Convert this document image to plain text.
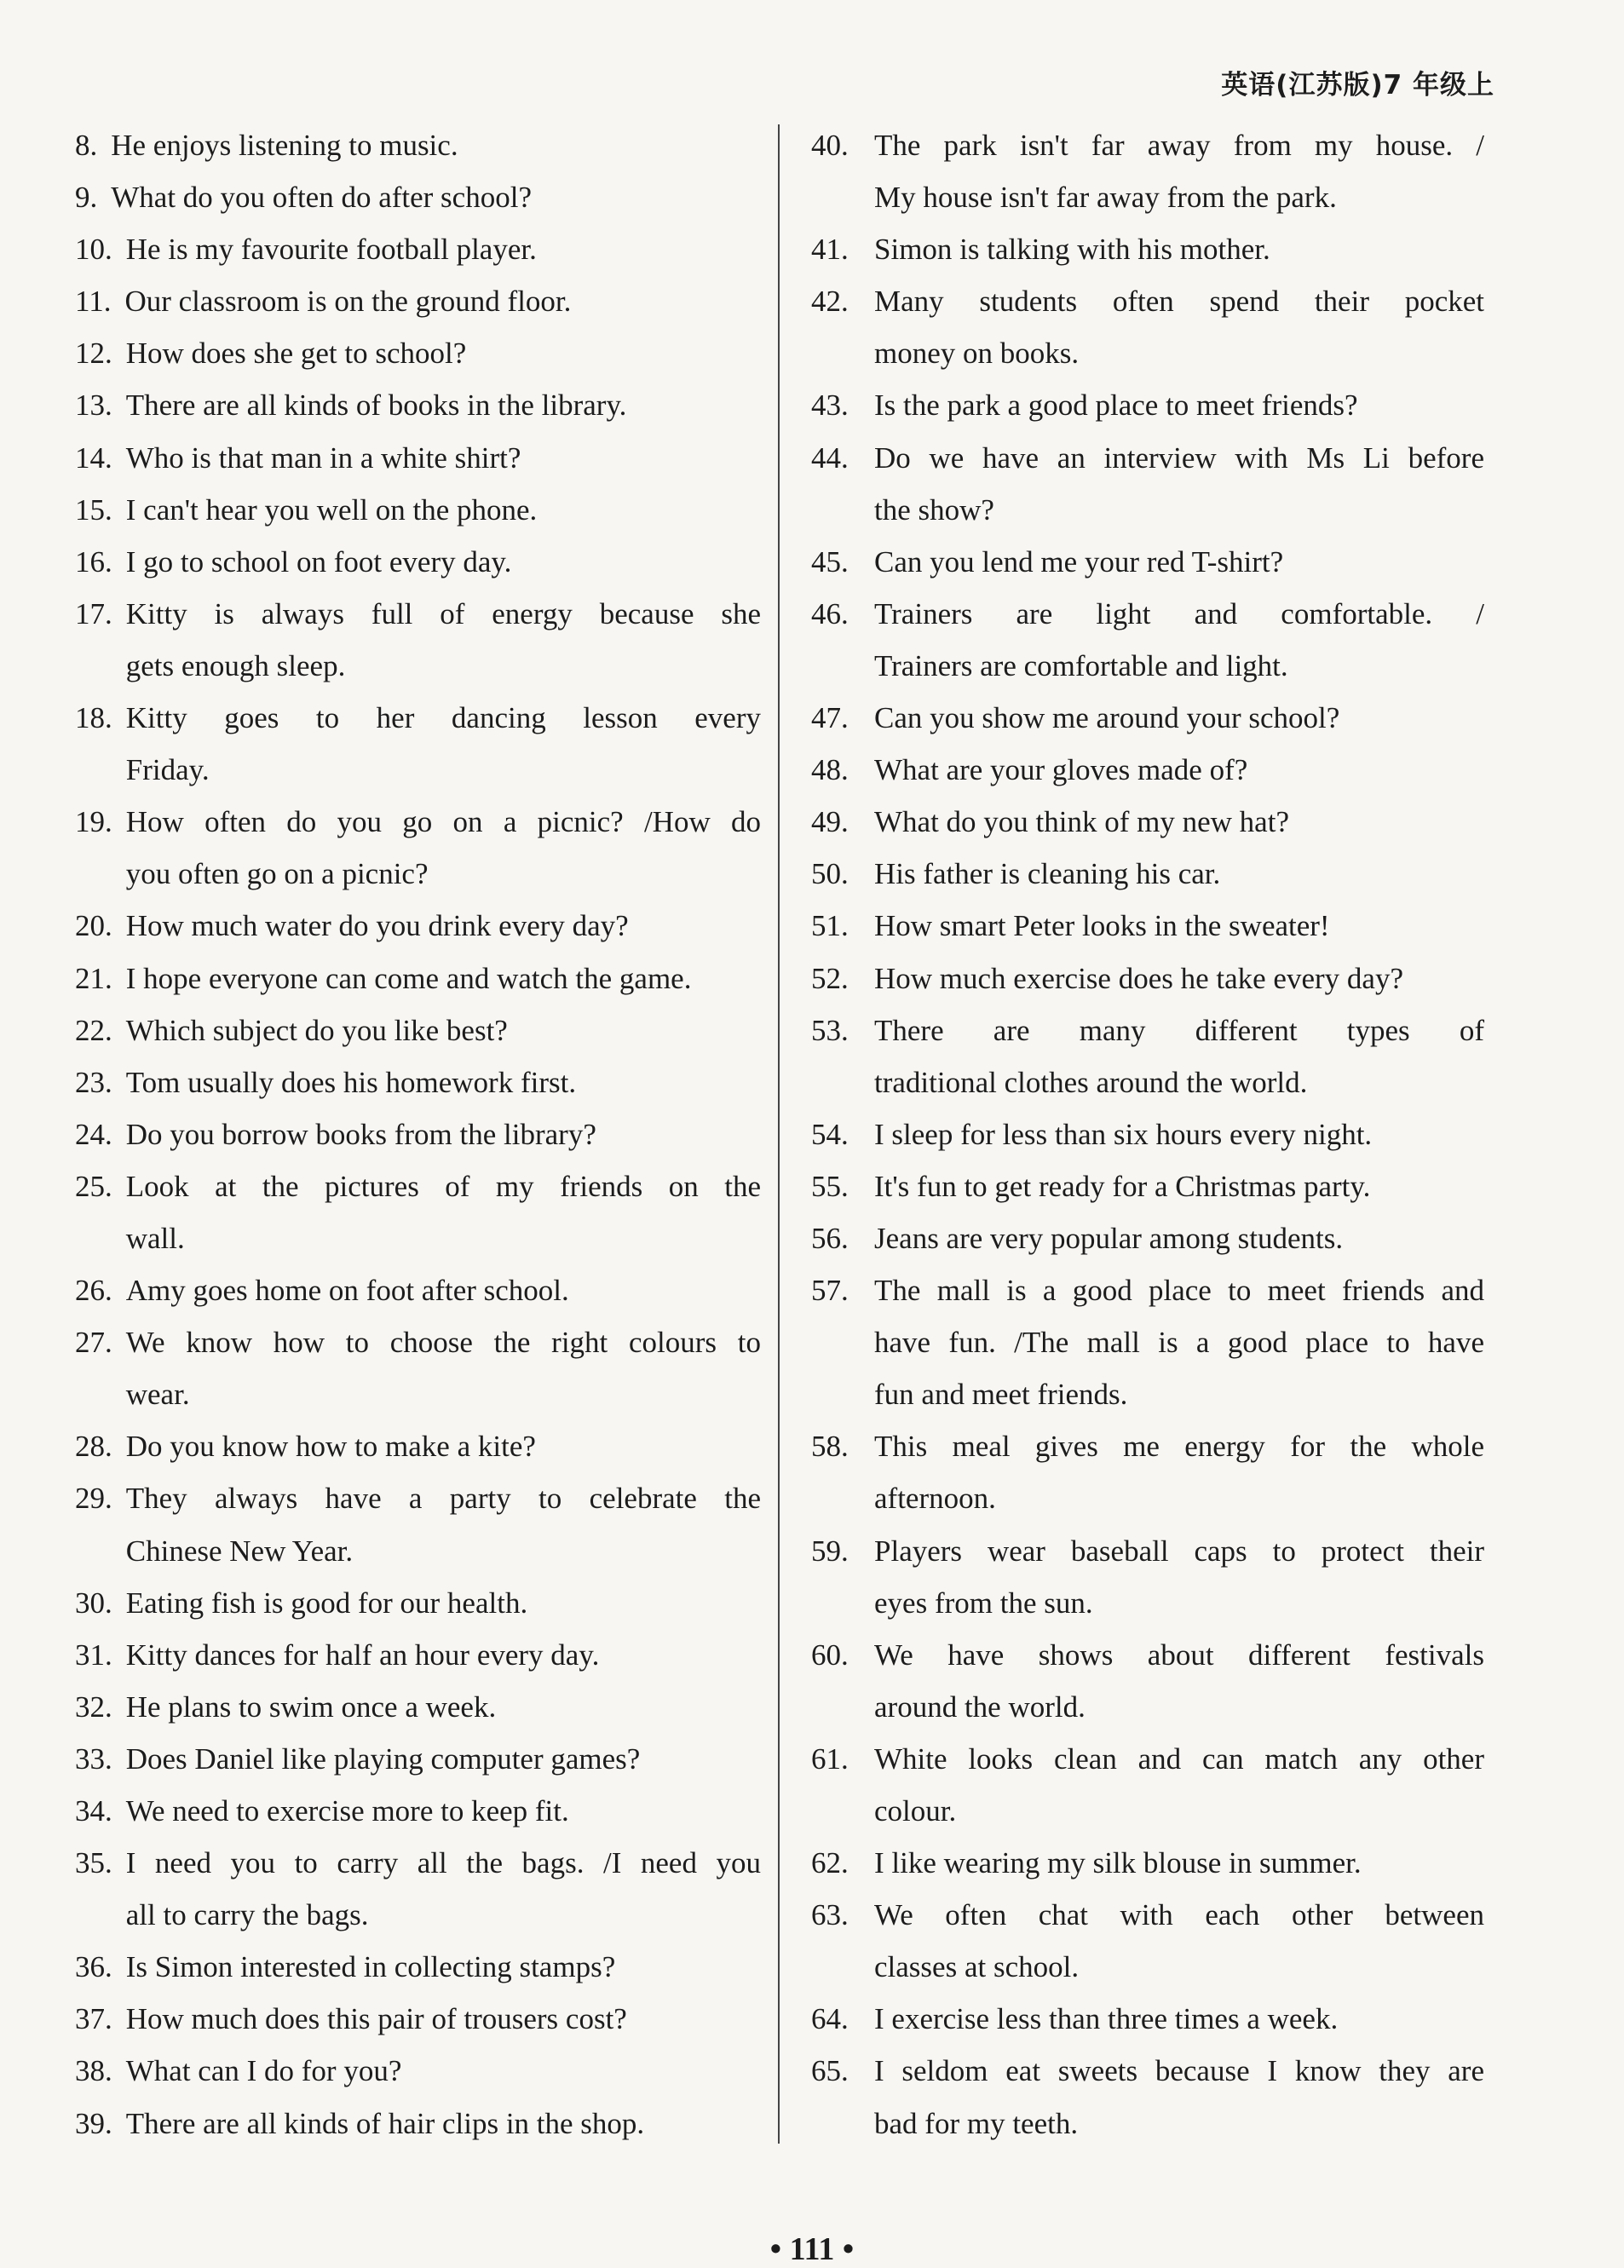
英语(江苏版)7 年级上
8. He enjoys listening to music.
9. What do you often do after school?
10. He is my favourite football player.
11. Our classroom is on the ground floor.
12. How does she get to school?
13. There are all kinds of books in the library.
14. Who is that man in a white shirt?
15. I can't hear you well on the phone.
16. I go to school on foot every day.
17. Kitty is always full of energy because she
gets enough sleep.
18. Kitty goes to her dancing lesson every
Friday.
19. How often do you go on a picnic? /How do
you often go on a picnic?
20. How much water do you drink every day?
21. I hope everyone can come and watch the game.
22. Which subject do you like best?
23. Tom usually does his homework first.
24. Do you borrow books from the library?
25. Look at the pictures of my friends on the
wall.
26. Amy goes home on foot after school.
27. We know how to choose the right colours to
wear.
28. Do you know how to make a kite?
29. They always have a party to celebrate the
Chinese New Year.
30. Eating fish is good for our health.
31. Kitty dances for half an hour every day.
32. He plans to swim once a week.
33. Does Daniel like playing computer games?
34. We need to exercise more to keep fit.
35. I need you to carry all the bags. /I need you
all to carry the bags.
36. Is Simon interested in collecting stamps?
37. How much does this pair of trousers cost?
38. What can I do for you?
39. There are all kinds of hair clips in the shop.
40. The park isn't far away from my house. /
My house isn't far away from the park.
41. Simon is talking with his mother.
42. Many students often spend their pocket
money on books.
43. Is the park a good place to meet friends?
44. Do we have an interview with Ms Li before
the show?
45. Can you lend me your red T-shirt?
46. Trainers are light and comfortable. /
Trainers are comfortable and light.
47. Can you show me around your school?
48. What are your gloves made of?
49. What do you think of my new hat?
50. His father is cleaning his car.
51. How smart Peter looks in the sweater!
52. How much exercise does he take every day?
53. There are many different types of
traditional clothes around the world.
54. I sleep for less than six hours every night.
55. It's fun to get ready for a Christmas party.
56. Jeans are very popular among students.
57. The mall is a good place to meet friends and
have fun. /The mall is a good place to have
fun and meet friends.
58. This meal gives me energy for the whole
afternoon.
59. Players wear baseball caps to protect their
eyes from the sun.
60. We have shows about different festivals
around the world.
61. White looks clean and can match any other
colour.
62. I like wearing my silk blouse in summer.
63. We often chat with each other between
classes at school.
64. I exercise less than three times a week.
65. I seldom eat sweets because I know they are
bad for my teeth.
• 111 •
